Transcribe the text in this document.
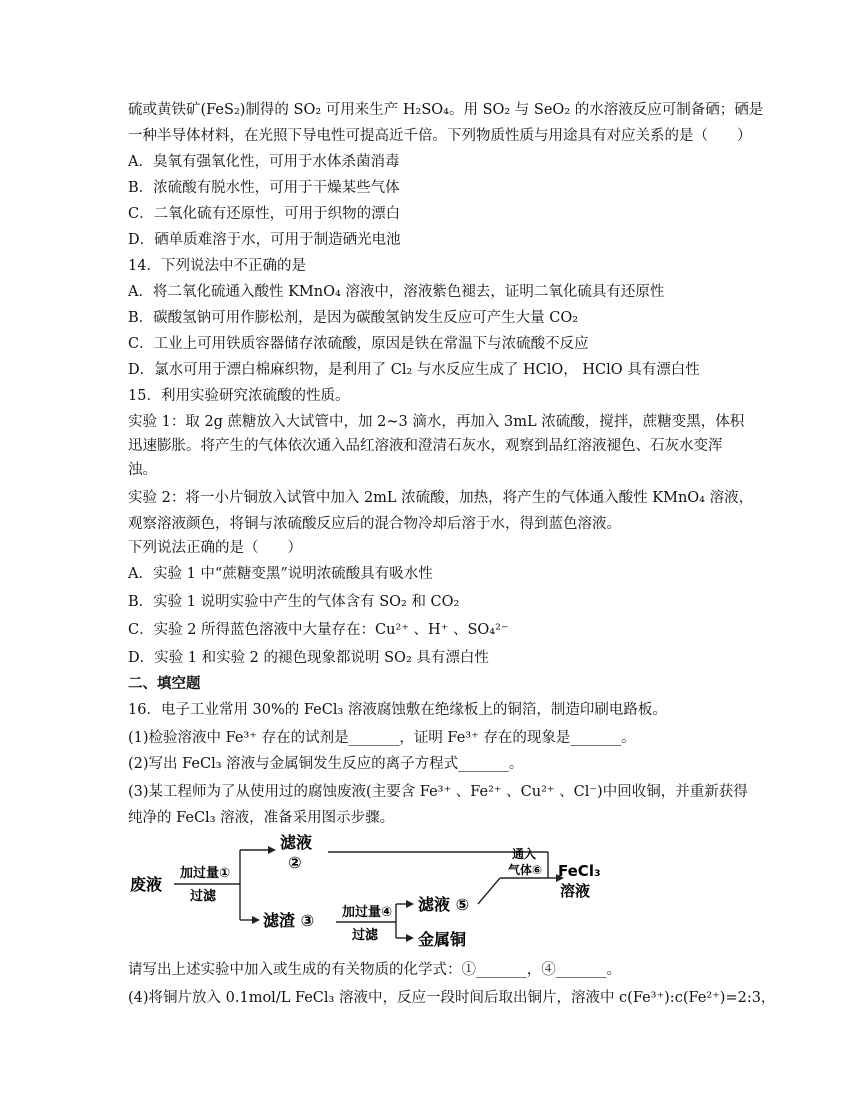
硫或黄铁矿(FeS₂)制得的 SO₂ 可用来生产 H₂SO₄。用 SO₂ 与 SeO₂ 的水溶液反应可制备硒；硒是
一种半导体材料，在光照下导电性可提高近千倍。下列物质性质与用途具有对应关系的是（　　）
A．臭氧有强氧化性，可用于水体杀菌消毒
B．浓硫酸有脱水性，可用于干燥某些气体
C．二氧化硫有还原性，可用于织物的漂白
D．硒单质难溶于水，可用于制造硒光电池
14．下列说法中不正确的是
A．将二氧化硫通入酸性 KMnO₄ 溶液中，溶液紫色褪去，证明二氧化硫具有还原性
B．碳酸氢钠可用作膨松剂，是因为碳酸氢钠发生反应可产生大量 CO₂
C．工业上可用铁质容器储存浓硫酸，原因是铁在常温下与浓硫酸不反应
D．氯水可用于漂白棉麻织物，是利用了 Cl₂ 与水反应生成了 HClO， HClO 具有漂白性
15．利用实验研究浓硫酸的性质。
实验 1：取 2g 蔗糖放入大试管中，加 2~3 滴水，再加入 3mL 浓硫酸，搅拌，蔗糖变黑，体积
迅速膨胀。将产生的气体依次通入品红溶液和澄清石灰水，观察到品红溶液褪色、石灰水变浑
浊。
实验 2：将一小片铜放入试管中加入 2mL 浓硫酸，加热，将产生的气体通入酸性 KMnO₄ 溶液，
观察溶液颜色，将铜与浓硫酸反应后的混合物冷却后溶于水，得到蓝色溶液。
下列说法正确的是（　　）
A．实验 1 中“蔗糖变黑”说明浓硫酸具有吸水性
B．实验 1 说明实验中产生的气体含有 SO₂ 和 CO₂
C．实验 2 所得蓝色溶液中大量存在：Cu²⁺ 、H⁺ 、SO₄²⁻
D．实验 1 和实验 2 的褪色现象都说明 SO₂ 具有漂白性
二、填空题
16．电子工业常用 30%的 FeCl₃ 溶液腐蚀敷在绝缘板上的铜箔，制造印刷电路板。
(1)检验溶液中 Fe³⁺ 存在的试剂是_______，证明 Fe³⁺ 存在的现象是_______。
(2)写出 FeCl₃ 溶液与金属铜发生反应的离子方程式_______。
(3)某工程师为了从使用过的腐蚀废液(主要含 Fe³⁺ 、Fe²⁺ 、Cu²⁺ 、Cl⁻)中回收铜，并重新获得
纯净的 FeCl₃ 溶液，准备采用图示步骤。
废液
加过量①
过滤
滤液
②
滤渣 ③ 加过量④
过滤
滤液 ⑤
金属铜
通入
气体⑥ FeCl₃
溶液
请写出上述实验中加入或生成的有关物质的化学式：①_______，④_______。
(4)将铜片放入 0.1mol/L FeCl₃ 溶液中，反应一段时间后取出铜片，溶液中 c(Fe³⁺):c(Fe²⁺)=2:3，
